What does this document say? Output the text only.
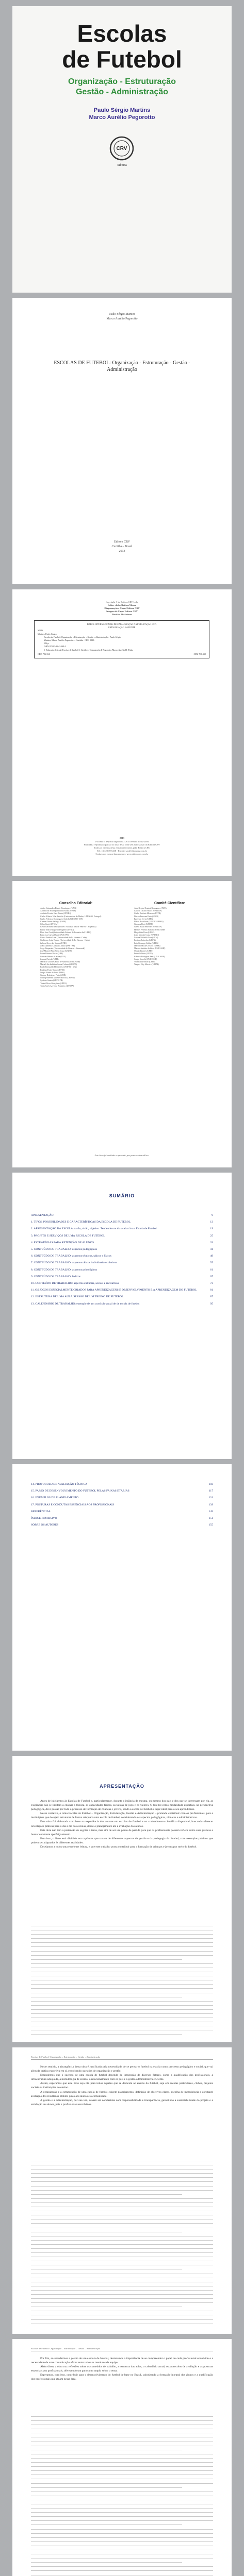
Escolas
de Futebol
Organização - Estruturação
Gestão - Administração
Paulo Sérgio Martins
Marco Aurélio Pegorotto
CRV
editora
Paulo Sérgio Martins
Marco Aurélio Pegorotto
ESCOLAS DE FUTEBOL: Organização - Estruturação - Gestão - Administração
Editora CRV
Curitiba – Brasil
2013
Copyright © da Editora CRV Ltda.
Editor-chefe: Railson Moura
Diagramação e Capa: Editora CRV
Imagem de Capa: Editora CRV
Revisão: Os Autores
DADOS INTERNACIONAIS DE CATALOGAÇÃO NA PUBLICAÇÃO (CIP)
CATALOGAÇÃO NA FONTE
M386
Martins, Paulo Sérgio.
Escolas de Futebol: Organização – Estruturação – Gestão – Administração / Paulo Sérgio
Martins, Marco Aurélio Pegorotto. – Curitiba : CRV, 2013.
156 p.
ISBN 978-85-8042-681-2
1. Educação física 2. Escolas de futebol 3. Gestão 4. Organização I. Pegorotto, Marco Aurélio II. Título
CDD 796.334	CDU 796.332
2013
Foi feito o depósito legal conf. Lei 10.994 de 14/12/2004
Proibida a reprodução parcial ou total desta obra sem autorização da Editora CRV
Todos os direitos desta edição reservados pela: Editora CRV
Tel.: (41) 3039-6418 - E-mail: sac@editoracrv.com.br
Conheça os nossos lançamentos: www.editoracrv.com.br
Conselho Editorial:
Aldira Guimarães Duarte Domínguez (UNB)
Andréia da Silva Quintanilha Sousa (UNIR)
Antônio Pereira Gaio Júnior (UFRRJ)
Carlos Alberto Vilar Estêvão (Universidade do Minho, UMINHO, Portugal)
Carlos Federico Dominguez Avila (UNIEURO - DF)
Carmen Tereza Velanga (UNIR)
Celso Conti (UFSCar)
Cesar Gerónimo Tello (Univer. Nacional Três de Febrero - Argentina)
Elione Maria Nogueira Diogenes (UFAL)
Élsio José Corá (Universidade Federal da Fronteira Sul, UFFS)
Francisco Carlos Duarte (PUC-PR)
Gloria Fariñas León (Universidade de La Havana - Cuba)
Guillermo Arias Beatón (Universidade de La Havana - Cuba)
Jailson Alves dos Santos (UFRJ)
João Adalberto Campato Junior (FAP - SP)
Jorge Baquerizo (Universidade de Caracas - Venezuela)
José Manoel Pino Silva Souza (UNEB)
Leonel Severo Rocha (URI)
Lourdes Helena da Silva (UFV)
Josania Portela (UFPI)
Maria de Lourdes Pinto de Almeida (UNICAMP)
Maria Lília Imbiriba Sousa Colares (UFOPA)
Paulo Romualdo Hernandes (UNIFAL - MG)
Rodrigo Pratte-Santos (UFES)
Sérgio Nunes de Jesus (IFRO)
Simone Rodrigues Pinto (UNB)
Solange Helena Ximenes-Rocha (UFOPA)
Sydione Santos (UEPG PR)
Tadeu Oliver Gonçalves (UFPA)
Tania Suely Azevedo Brasileiro (UFOPA)
Comitê Científico:
Alda Regina Tognini Romaguera (PUC)
Caio de Castro Pastori (UNIMEP)
Carlos Antônio Menezes (UFPR)
Dirceu Estevam Pinto (UNIB)
Emerson Cervi (UEPG)
Flávio Bortolozzi (UNICESUMAR)
Giovana Berti (UFMT)
Gisele Assis Meirelles (UNIMEP)
Hermes Ferreira Balbino (UNICAMP)
Hugo Sirio Rosa (UFSC)
Joice Mendes Costa (UNIRIO)
Larissa Michelle Lara (UEM)
Luciano Jahnecka (UEPG)
Luiz Gonzaga Gobbo (UEPG)
Marcelo Moraes e Silva (UFPR)
Marcos Antônio da Silva (UNICAMP)
Otavio Tavares (UFES)
Pedro Schiavo (UFPE)
Roberto Rodrigues Paes (UNICAMP)
Sérgio Stucchi (UNICAMP)
Vera Lúcia Simão (UFPR)
Wagner Wey Moreira (UFTM)
Este livro foi avaliado e aprovado por pareceristas ad hoc.
SUMÁRIO
APRESENTAÇÃO	9
1. TIPOS, POSSIBILIDADES E CARACTERÍSTICAS DA ESCOLA DE FUTEBOL	13
2. APRESENTAÇÃO DA ESCOLA: razão, visão, objetivo. Tendendo um dia acabar à sua Escola de Futebol	19
3. PROJETO E SERVIÇOS DE UMA ESCOLA DE FUTEBOL	25
4. ESTRATÉGIAS PARA RETENÇÃO DE ALUNOS	33
5. CONTEÚDO DE TRABALHO: aspectos pedagógicos	41
6. CONTEÚDO DE TRABALHO: aspectos técnicos, táticos e físicos	49
7. CONTEÚDO DE TRABALHO: aspectos táticos individuais e coletivos	55
8. CONTEÚDO DE TRABALHO: aspectos psicológicos	61
9. CONTEÚDO DE TRABALHO: lúdicos	67
10. CONTEÚDO DE TRABALHO: aspectos culturais, sociais e recreativos	73
11. OS JOGOS ESPECIALMENTE CRIADOS PARA APRENDIZAGENS E DESENVOLVIMENTO E A APRENDIZAGEM DO FUTEBOL	81
12. ESTRUTURA DE UMA AULA/SESSÃO DE UM TREINO DE FUTEBOL	87
13. CALENDÁRIO DE TRABALHO: exemplo de um currículo anual de de escola de futebol	95
14. PROTOCOLO DE AVALIAÇÃO TÉCNICA	103
15. PASSO DE DESENVOLVIMENTO DO FUTEBOL PELAS FAIXAS ETÁRIAS	117
16. EXEMPLOS DE PLANEJAMENTO	131
17. POSTURAS E CONDUTAS ESSENCIAIS AOS PROFISSIONAIS	139
REFERÊNCIAS	145
ÍNDICE REMISSIVO	151
SOBRE OS AUTORES	155
APRESENTAÇÃO

Antes de iniciarmos às Escolas de Futebol e, particularmente, durante a infância da mesma, ou mesmo dos pais e dos que se interessam por ela, as exigências não se limitam a ensinar a técnica, as capacidades físicas, as táticas de jogo e os valores. O futebol como modalidade esportiva, na perspectiva pedagógica, deve passar por todo o processo de formação de crianças e jovens, sendo a escola de futebol o lugar ideal para o seu aprendizado.

Nesse contexto, o tema Escolas de Futebol – Organização, Estruturação, Gestão e Administração – pretende contribuir com os profissionais, pais e instituições que desejam estruturar de forma adequada uma escola de futebol, considerando os aspectos pedagógicos, técnicos e administrativos.

Esta obra foi elaborada com base na experiência dos autores em escolas de futebol e no conhecimento científico disponível, buscando oferecer orientações práticas para o dia a dia das escolas, desde o planejamento até a avaliação dos alunos.

Esta obra não tem a pretensão de esgotar o tema, mas sim de ser um ponto de partida para que os profissionais possam refletir sobre suas práticas e buscar constante aperfeiçoamento.

Para isso, o livro está dividido em capítulos que tratam de diferentes aspectos da gestão e da pedagogia do futebol, com exemplos práticos que podem ser adaptados às diferentes realidades.

Desejamos a todos uma excelente leitura, e que este trabalho possa contribuir para a formação de crianças e jovens por meio do futebol.

Escolas de Futebol: Organização – Estruturação – Gestão – Administração

Neste sentido, a abrangência desta obra é justificada pela necessidade de se pensar o futebol na escola como processo pedagógico e social, que vai além da prática esportiva em si, envolvendo questões de organização e gestão.

Entendemos que o sucesso de uma escola de futebol depende da integração de diversos fatores, como a qualificação dos profissionais, a infraestrutura adequada, a metodologia de ensino, o relacionamento com os pais e a gestão administrativa eficiente.

Assim, esperamos que este livro seja útil para todos aqueles que se dedicam ao ensino do futebol, seja em escolas particulares, clubes, projetos sociais ou instituições de ensino.

A organização e a estruturação de uma escola de futebol exigem planejamento, definição de objetivos claros, escolha de metodologia e constante avaliação dos resultados obtidos junto aos alunos e à comunidade.

A gestão e a administração, por sua vez, devem ser conduzidas com responsabilidade e transparência, garantindo a sustentabilidade do projeto e a satisfação de alunos, pais e profissionais envolvidos.

Escolas de Futebol: Organização – Estruturação – Gestão – Administração

Por fim, ao abordarmos a gestão de uma escola de futebol, destacamos a importância de se compreender o papel de cada profissional envolvido e a necessidade de uma comunicação eficaz entre todos os membros da equipe.

Além disso, a obra traz reflexões sobre os conteúdos de trabalho, a estrutura das aulas, o calendário anual, os protocolos de avaliação e as posturas essenciais aos profissionais, oferecendo um panorama amplo sobre o tema.

Esperamos, com isso, contribuir para o desenvolvimento do futebol de base no Brasil, valorizando a formação integral dos alunos e a qualificação dos profissionais que atuam nessa área.
